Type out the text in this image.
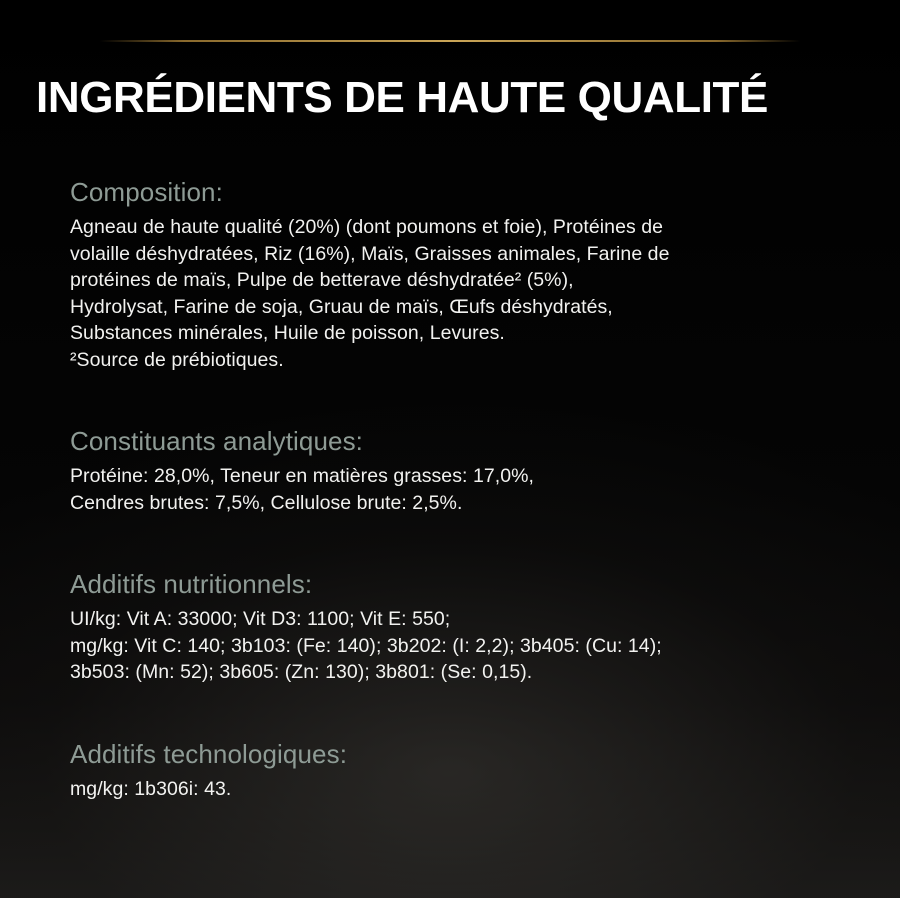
INGRÉDIENTS DE HAUTE QUALITÉ
Composition:

Agneau de haute qualité (20%) (dont poumons et foie), Protéines de
volaille déshydratées, Riz (16%), Maïs, Graisses animales, Farine de
protéines de maïs, Pulpe de betterave déshydratée² (5%),
Hydrolysat, Farine de soja, Gruau de maïs, Œufs déshydratés,
Substances minérales, Huile de poisson, Levures.
²Source de prébiotiques.

Constituants analytiques:

Protéine: 28,0%, Teneur en matières grasses: 17,0%,
Cendres brutes: 7,5%, Cellulose brute: 2,5%.

Additifs nutritionnels:

UI/kg: Vit A: 33000; Vit D3: 1100; Vit E: 550;
mg/kg: Vit C: 140; 3b103: (Fe: 140); 3b202: (I: 2,2); 3b405: (Cu: 14);
3b503: (Mn: 52); 3b605: (Zn: 130); 3b801: (Se: 0,15).

Additifs technologiques:

mg/kg: 1b306i: 43.
